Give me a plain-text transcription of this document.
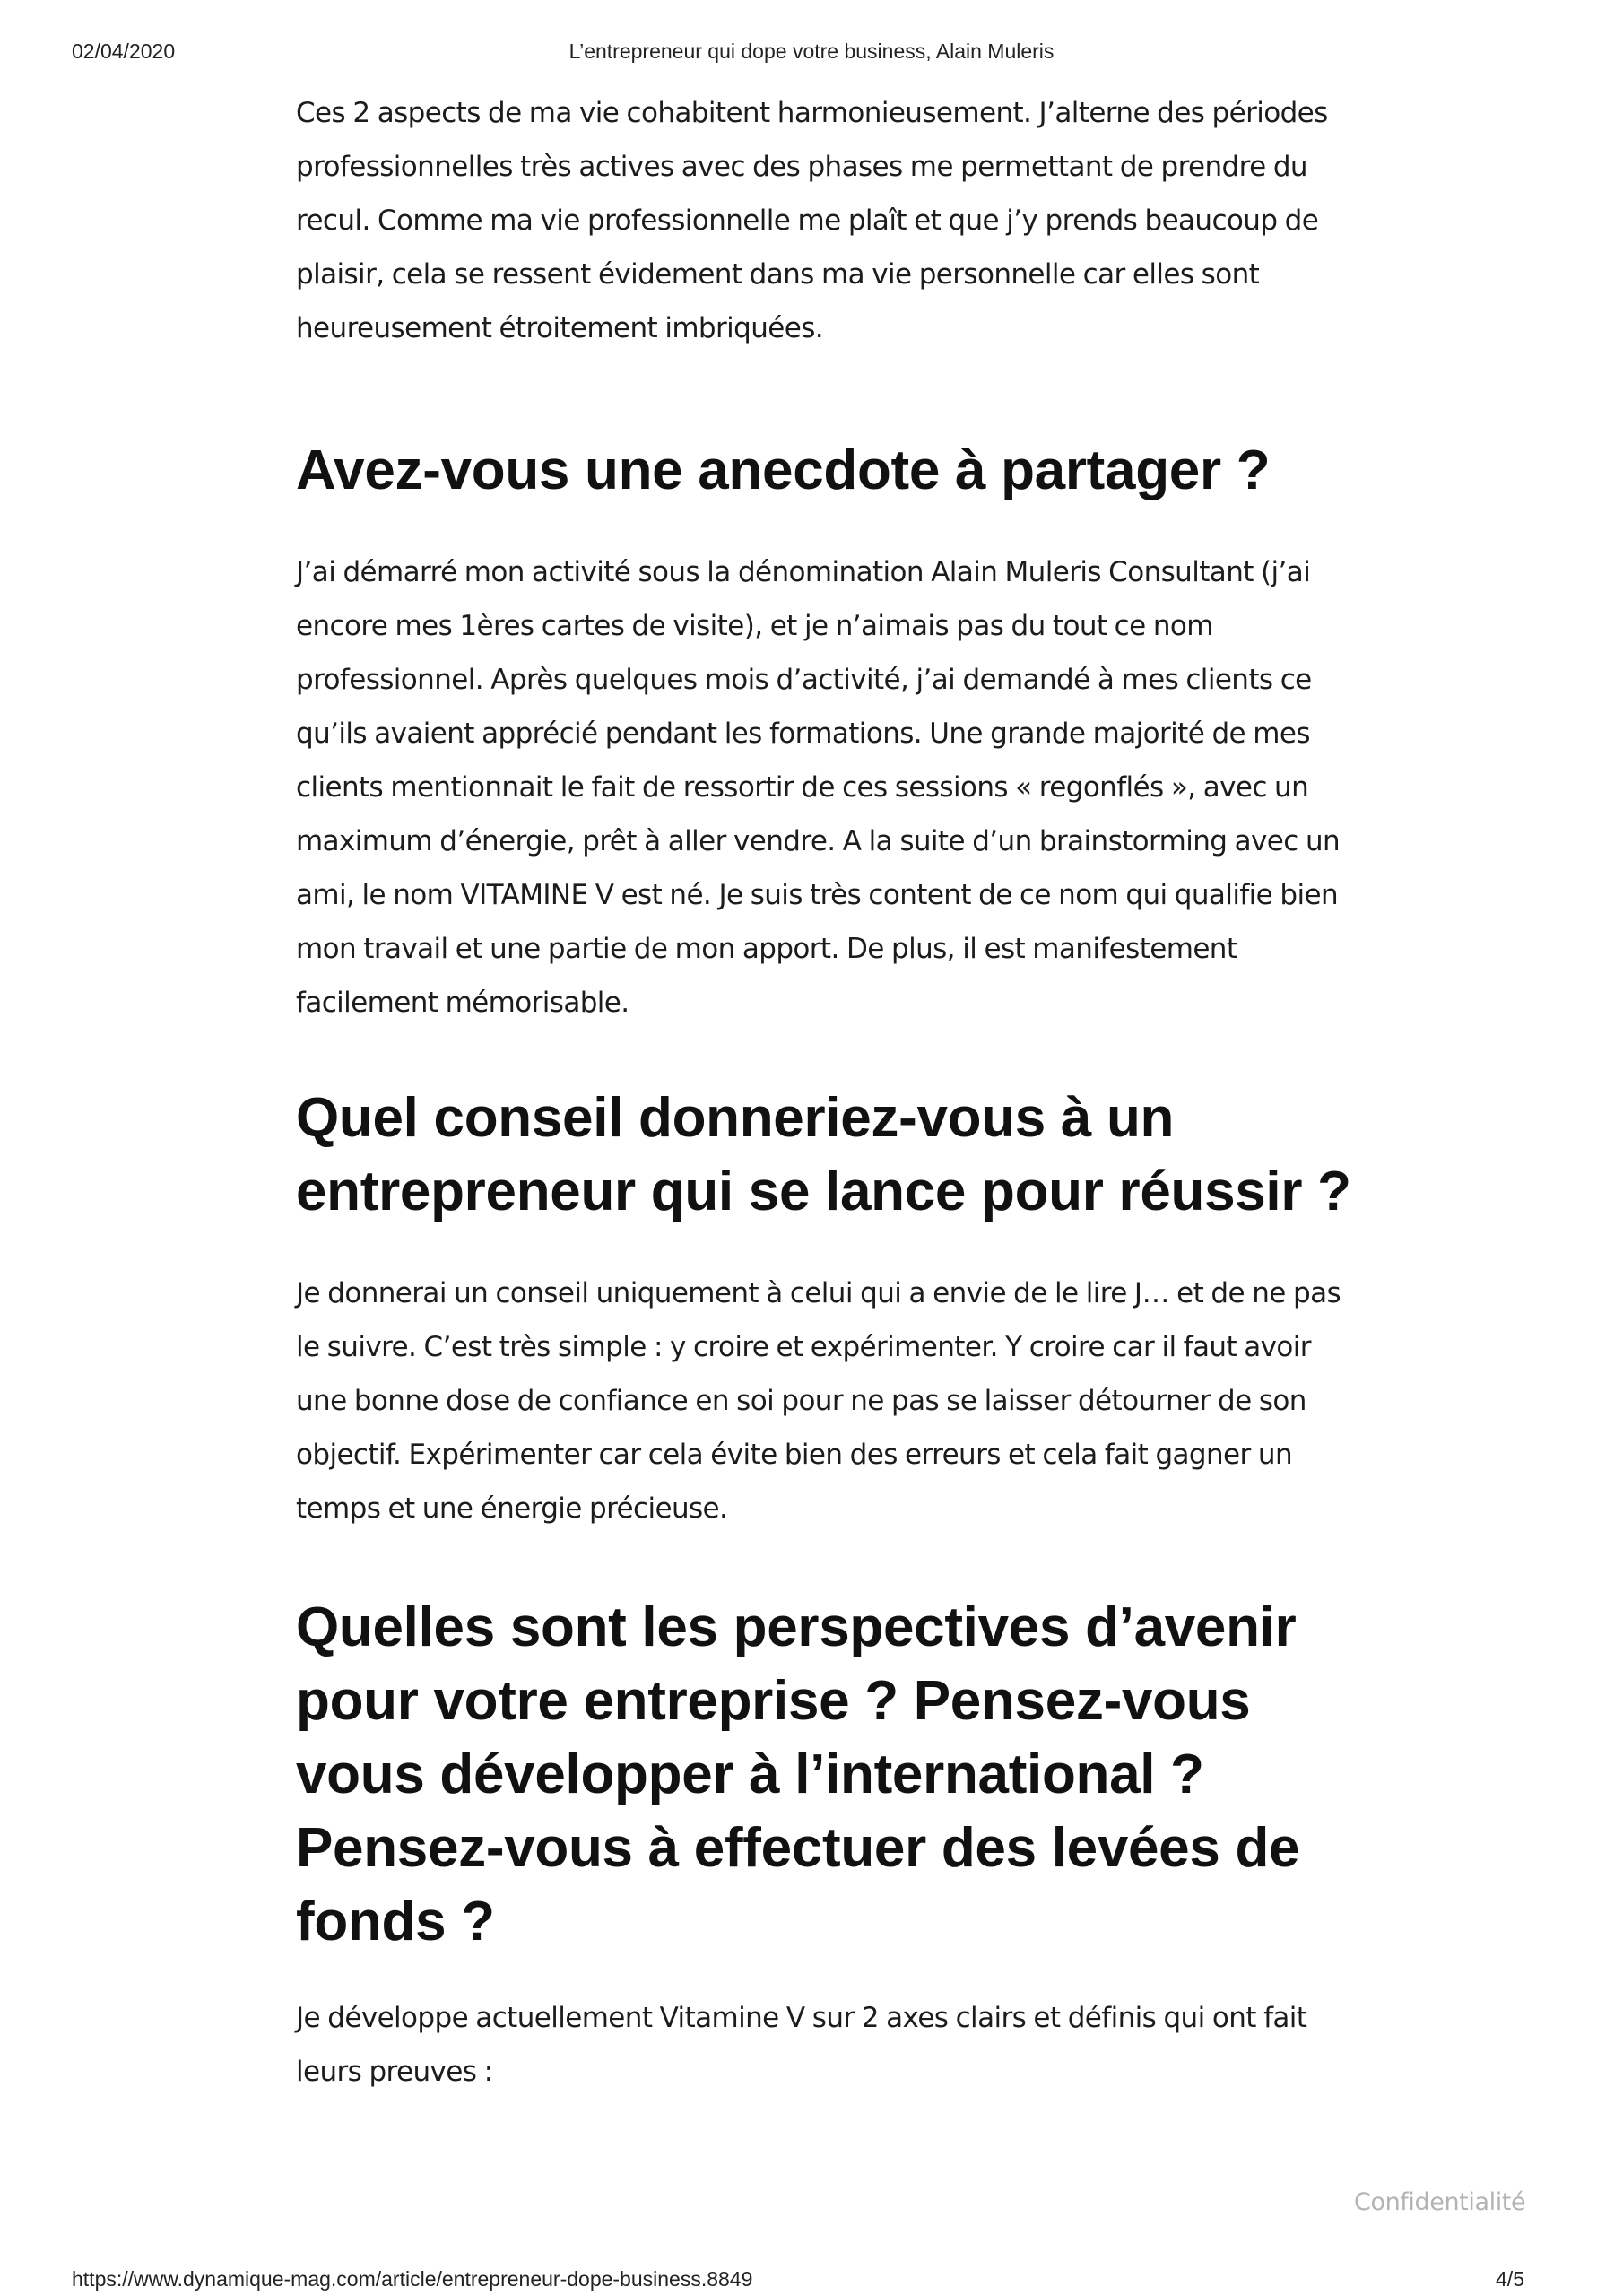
02/04/2020	L’entrepreneur qui dope votre business, Alain Muleris

Ces 2 aspects de ma vie cohabitent harmonieusement. J’alterne des périodes professionnelles très actives avec des phases me permettant de prendre du recul. Comme ma vie professionnelle me plaît et que j’y prends beaucoup de plaisir, cela se ressent évidement dans ma vie personnelle car elles sont heureusement étroitement imbriquées.

Avez-vous une anecdote à partager ?

J’ai démarré mon activité sous la dénomination Alain Muleris Consultant (j’ai encore mes 1ères cartes de visite), et je n’aimais pas du tout ce nom professionnel. Après quelques mois d’activité, j’ai demandé à mes clients ce qu’ils avaient apprécié pendant les formations. Une grande majorité de mes clients mentionnait le fait de ressortir de ces sessions « regonflés », avec un maximum d’énergie, prêt à aller vendre. A la suite d’un brainstorming avec un ami, le nom VITAMINE V est né. Je suis très content de ce nom qui qualifie bien mon travail et une partie de mon apport. De plus, il est manifestement facilement mémorisable.

Quel conseil donneriez-vous à un entrepreneur qui se lance pour réussir ?

Je donnerai un conseil uniquement à celui qui a envie de le lire J… et de ne pas le suivre. C’est très simple : y croire et expérimenter. Y croire car il faut avoir une bonne dose de confiance en soi pour ne pas se laisser détourner de son objectif. Expérimenter car cela évite bien des erreurs et cela fait gagner un temps et une énergie précieuse.

Quelles sont les perspectives d’avenir pour votre entreprise ? Pensez-vous vous développer à l’international ? Pensez-vous à effectuer des levées de fonds ?

Je développe actuellement Vitamine V sur 2 axes clairs et définis qui ont fait leurs preuves :

Confidentialité
https://www.dynamique-mag.com/article/entrepreneur-dope-business.8849	4/5
